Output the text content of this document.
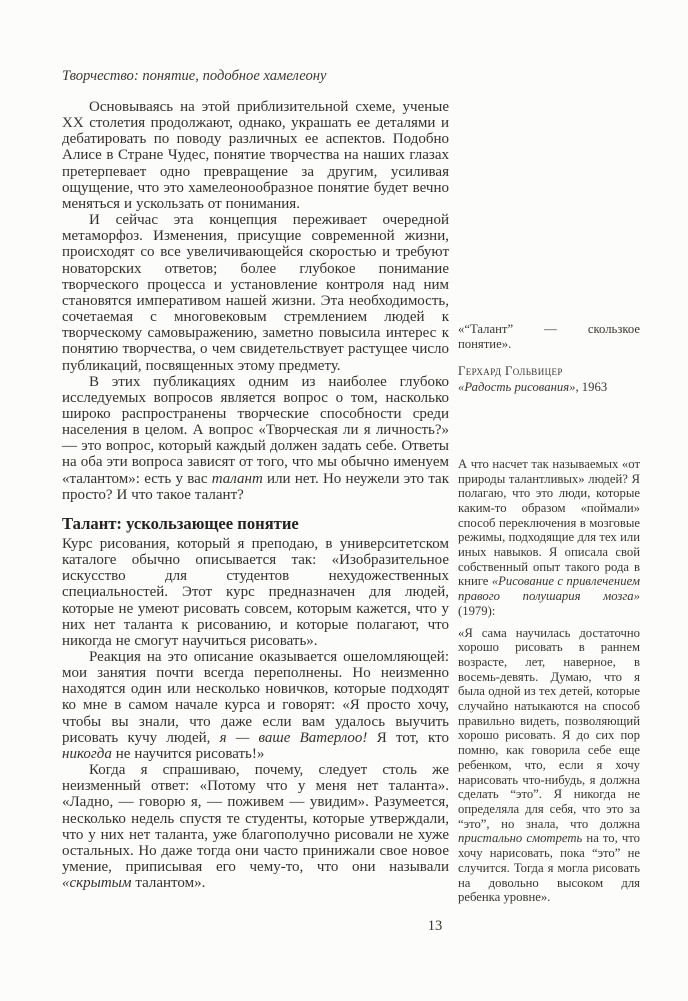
Творчество: понятие, подобное хамелеону

Основываясь на этой приблизительной схеме, ученые XX столетия продолжают, однако, украшать ее деталями и дебатировать по поводу различных ее аспектов. Подобно Алисе в Стране Чудес, понятие творчества на наших глазах претерпевает одно превращение за другим, усиливая ощущение, что это хамелеонообразное понятие будет вечно меняться и ускользать от понимания.

И сейчас эта концепция переживает очередной метаморфоз. Изменения, присущие современной жизни, происходят со все увеличивающейся скоростью и требуют новаторских ответов; более глубокое понимание творческого процесса и установление контроля над ним становятся императивом нашей жизни. Эта необходимость, сочетаемая с многовековым стремлением людей к творческому самовыражению, заметно повысила интерес к понятию творчества, о чем свидетельствует растущее число публикаций, посвященных этому предмету.

В этих публикациях одним из наиболее глубоко исследуемых вопросов является вопрос о том, насколько широко распространены творческие способности среди населения в целом. А вопрос «Творческая ли я личность?» — это вопрос, который каждый должен задать себе. Ответы на оба эти вопроса зависят от того, что мы обычно именуем «талантом»: есть у вас талант или нет. Но неужели это так просто? И что такое талант?

Талант: ускользающее понятие

Курс рисования, который я преподаю, в университетском каталоге обычно описывается так: «Изобразительное искусство для студентов нехудожественных специальностей. Этот курс предназначен для людей, которые не умеют рисовать совсем, которым кажется, что у них нет таланта к рисованию, и которые полагают, что никогда не смогут научиться рисовать».

Реакция на это описание оказывается ошеломляющей: мои занятия почти всегда переполнены. Но неизменно находятся один или несколько новичков, которые подходят ко мне в самом начале курса и говорят: «Я просто хочу, чтобы вы знали, что даже если вам удалось выучить рисовать кучу людей, я — ваше Ватерлоо! Я тот, кто никогда не научится рисовать!»

Когда я спрашиваю, почему, следует столь же неизменный ответ: «Потому что у меня нет таланта». «Ладно, — говорю я, — поживем — увидим». Разумеется, несколько недель спустя те студенты, которые утверждали, что у них нет таланта, уже благополучно рисовали не хуже остальных. Но даже тогда они часто принижали свое новое умение, приписывая его чему-то, что они называли «скрытым талантом».

«“Талант” — скользкое понятие».

Герхард Гольвицер
«Радость рисования», 1963

А что насчет так называемых «от природы талантливых» людей? Я полагаю, что это люди, которые каким-то образом «поймали» способ переключения в мозговые режимы, подходящие для тех или иных навыков. Я описала свой собственный опыт такого рода в книге «Рисование с привлечением правого полушария мозга» (1979):

«Я сама научилась достаточно хорошо рисовать в раннем возрасте, лет, наверное, в восемь-девять. Думаю, что я была одной из тех детей, которые случайно натыкаются на способ правильно видеть, позволяющий хорошо рисовать. Я до сих пор помню, как говорила себе еще ребенком, что, если я хочу нарисовать что-нибудь, я должна сделать “это”. Я никогда не определяла для себя, что это за “это”, но знала, что должна пристально смотреть на то, что хочу нарисовать, пока “это” не случится. Тогда я могла рисовать на довольно высоком для ребенка уровне».

13
